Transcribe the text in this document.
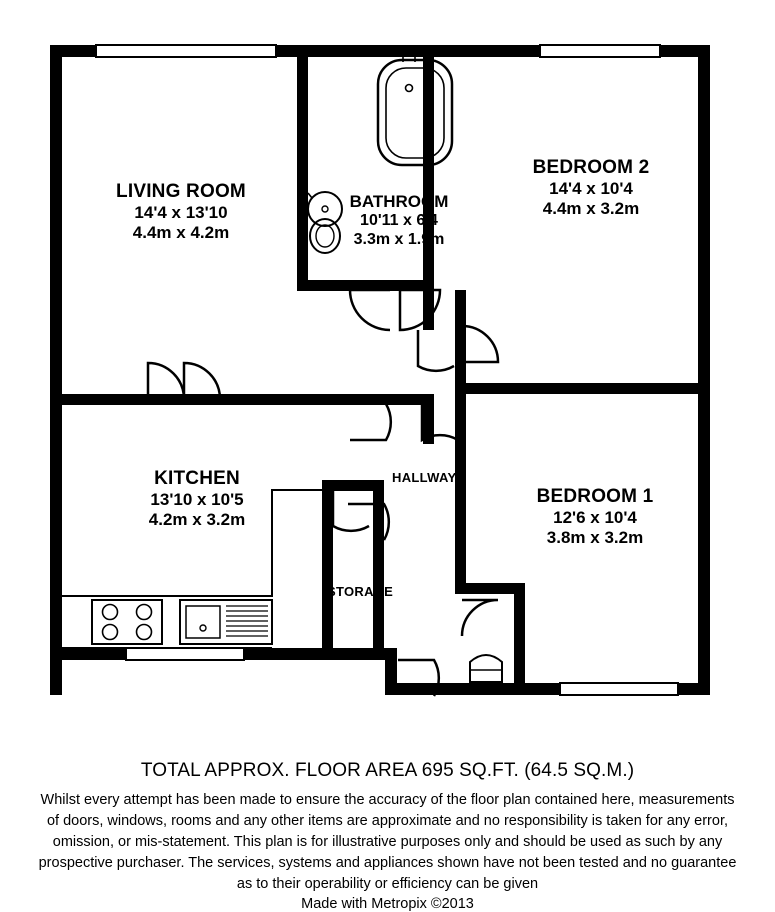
LIVING ROOM
14'4 x 13'10
4.4m x 4.2m
BEDROOM 2
14'4 x 10'4
4.4m x 3.2m
KITCHEN
13'10 x 10'5
4.2m x 3.2m
BEDROOM 1
12'6 x 10'4
3.8m x 3.2m
BATHROOM
10'11 x 6'4
3.3m x 1.9m
HALLWAY
STORAGE
TOTAL APPROX. FLOOR AREA 695 SQ.FT. (64.5 SQ.M.)
Whilst every attempt has been made to ensure the accuracy of the floor plan contained here, measurements
of doors, windows, rooms and any other items are approximate and no responsibility is taken for any error,
omission, or mis-statement. This plan is for illustrative purposes only and should be used as such by any
prospective purchaser. The services, systems and appliances shown have not been tested and no guarantee
as to their operability or efficiency can be given
Made with Metropix ©2013
